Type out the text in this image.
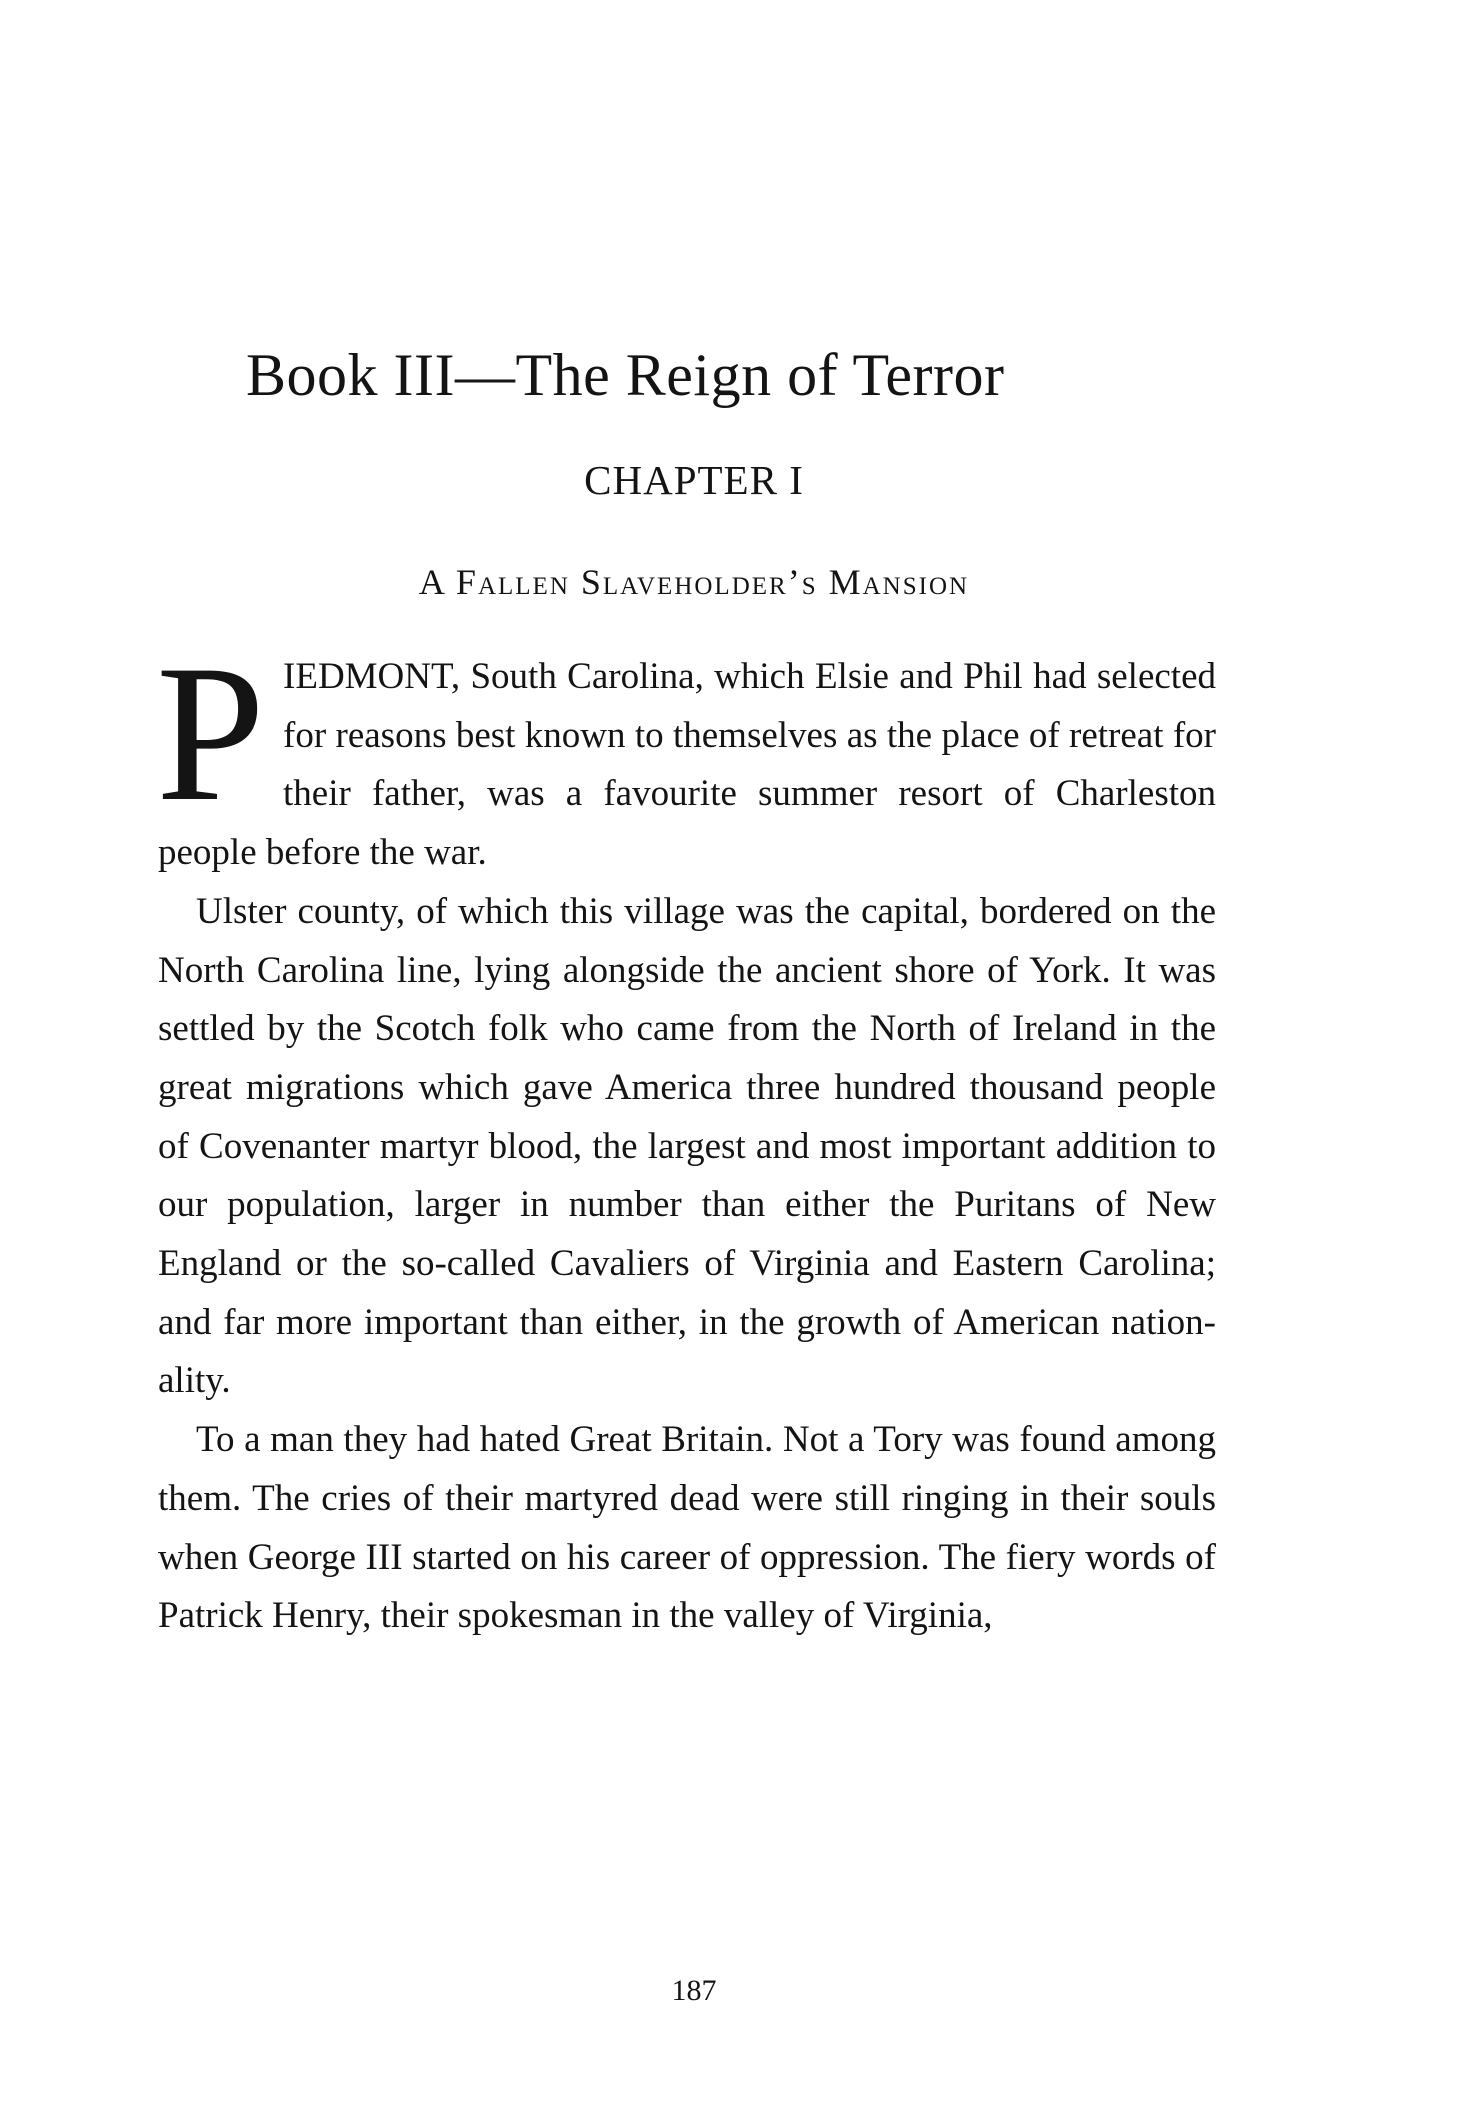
Book III—The Reign of Terror
CHAPTER I
A Fallen Slaveholder’s Mansion

PIEDMONT, South Carolina, which Elsie and Phil had selected for reasons best known to themselves as the place of retreat for their father, was a favourite summer resort of Charleston people before the war.

Ulster county, of which this village was the capital, bordered on the North Carolina line, lying alongside the ancient shore of York. It was settled by the Scotch folk who came from the North of Ireland in the great migrations which gave America three hundred thousand people of Covenanter martyr blood, the largest and most important addition to our population, larger in number than either the Puritans of New England or the so-called Cavaliers of Virginia and Eastern Carolina; and far more important than either, in the growth of American nationality.

To a man they had hated Great Britain. Not a Tory was found among them. The cries of their martyred dead were still ringing in their souls when George III started on his career of oppression. The fiery words of Patrick Henry, their spokesman in the valley of Virginia,

187
